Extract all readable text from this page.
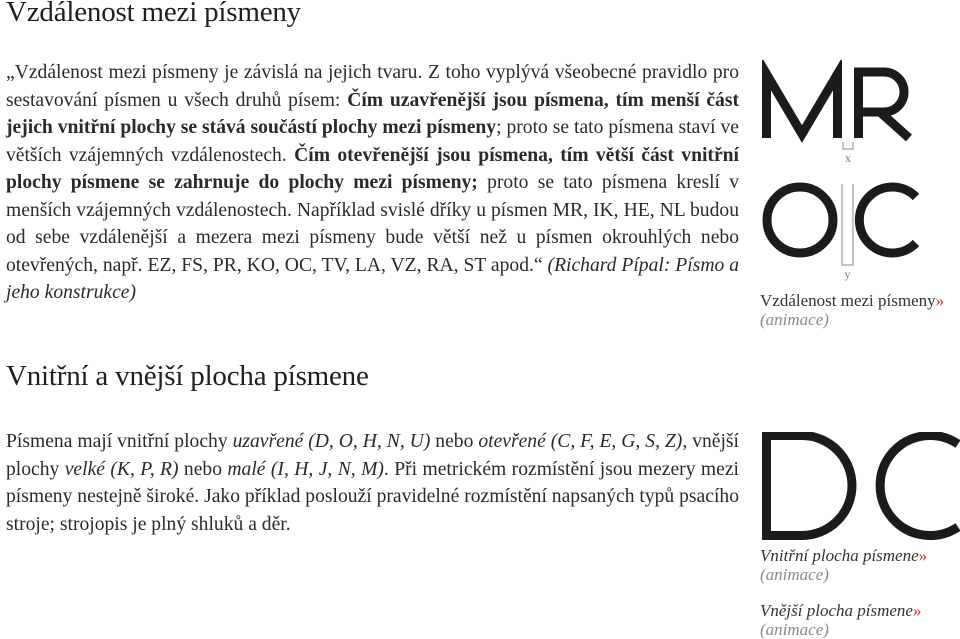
Vzdálenost mezi písmeny
„Vzdálenost mezi písmeny je závislá na jejich tvaru. Z toho vyplývá všeobecné pravidlo pro sestavování písmen u všech druhů písem: Čím uzavřenější jsou písmena, tím menší část jejich vnitřní plochy se stává součástí plochy mezi písmeny; proto se tato písmena staví ve větších vzájemných vzdálenostech. Čím otevřenější jsou písmena, tím větší část vnitřní plochy písmene se zahrnuje do plochy mezi písmeny; proto se tato písmena kreslí v menších vzájemných vzdálenostech. Například svislé dříky u písmen MR, IK, HE, NL budou od sebe vzdálenější a mezera mezi písmeny bude větší než u písmen okrouhlých nebo otevřených, např. EZ, FS, PR, KO, OC, TV, LA, VZ, RA, ST apod.“ (Richard Pípal: Písmo a jeho konstrukce)
Vnitřní a vnější plocha písmene
Písmena mají vnitřní plochy uzavřené (D, O, H, N, U) nebo otevřené (C, F, E, G, S, Z), vnější plochy velké (K, P, R) nebo malé (I, H, J, N, M). Při metrickém rozmístění jsou mezery mezi písmeny nestejně široké. Jako příklad poslouží pravidelné rozmístění napsaných typů psacího stroje; strojopis je plný shluků a děr.
x
y
Vzdálenost mezi písmeny»
(animace)
Vnitřní plocha písmene»
(animace)
Vnější plocha písmene»
(animace)
